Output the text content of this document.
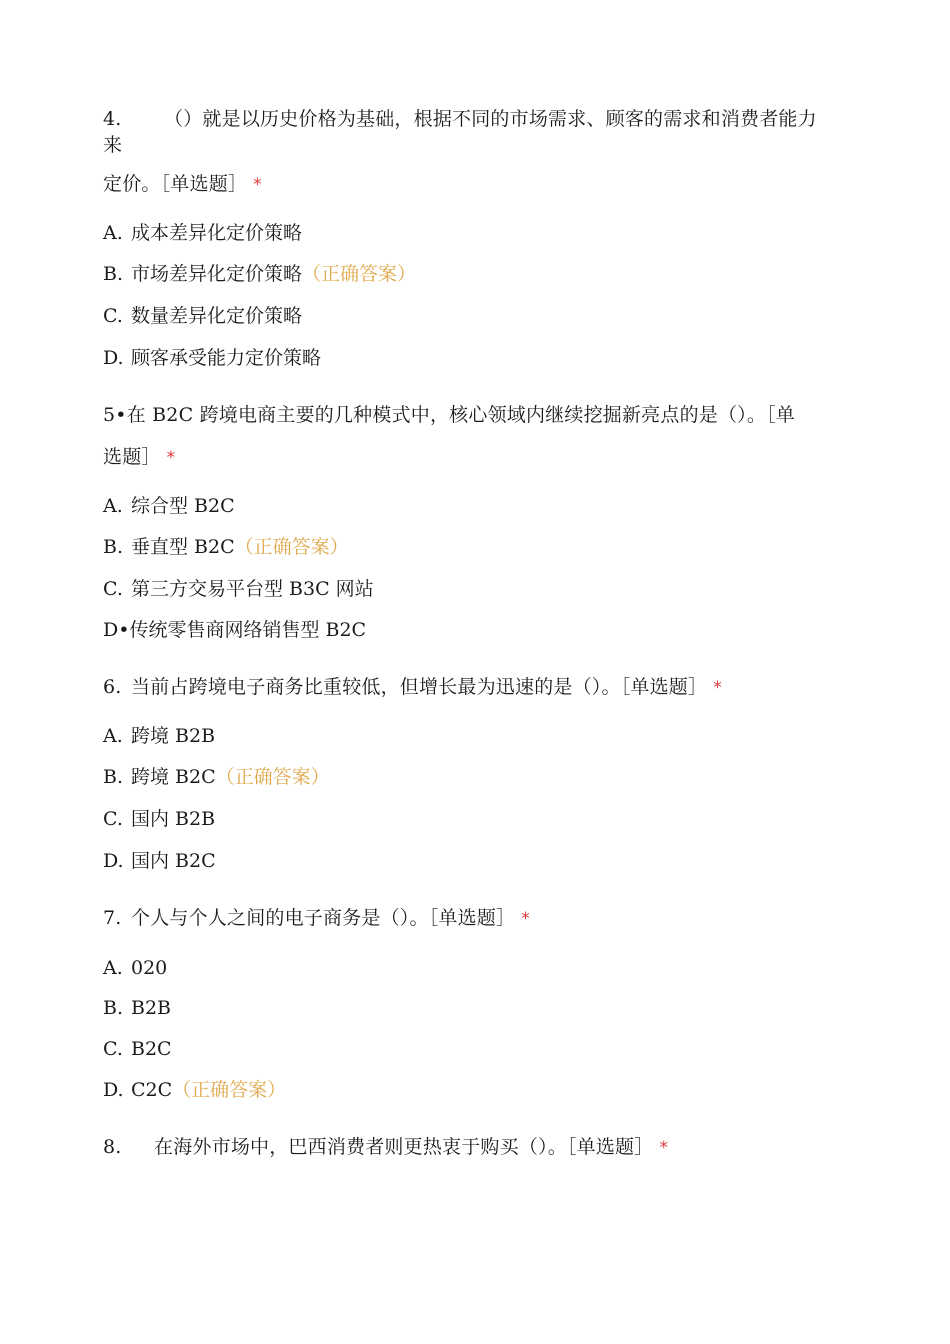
4. （）就是以历史价格为基础，根据不同的市场需求、顾客的需求和消费者能力
来
定价。［单选题］ *
A. 成本差异化定价策略
B. 市场差异化定价策略（正确答案）
C. 数量差异化定价策略
D. 顾客承受能力定价策略
5•在 B2C 跨境电商主要的几种模式中，核心领域内继续挖掘新亮点的是（）。［单
选题］ *
A. 综合型 B2C
B. 垂直型 B2C（正确答案）
C. 第三方交易平台型 B3C 网站
D•传统零售商网络销售型 B2C
6. 当前占跨境电子商务比重较低，但增长最为迅速的是（）。［单选题］ *
A. 跨境 B2B
B. 跨境 B2C（正确答案）
C. 国内 B2B
D. 国内 B2C
7. 个人与个人之间的电子商务是（）。［单选题］ *
A. 020
B. B2B
C. B2C
D. C2C（正确答案）
8. 在海外市场中，巴西消费者则更热衷于购买（）。［单选题］ *
